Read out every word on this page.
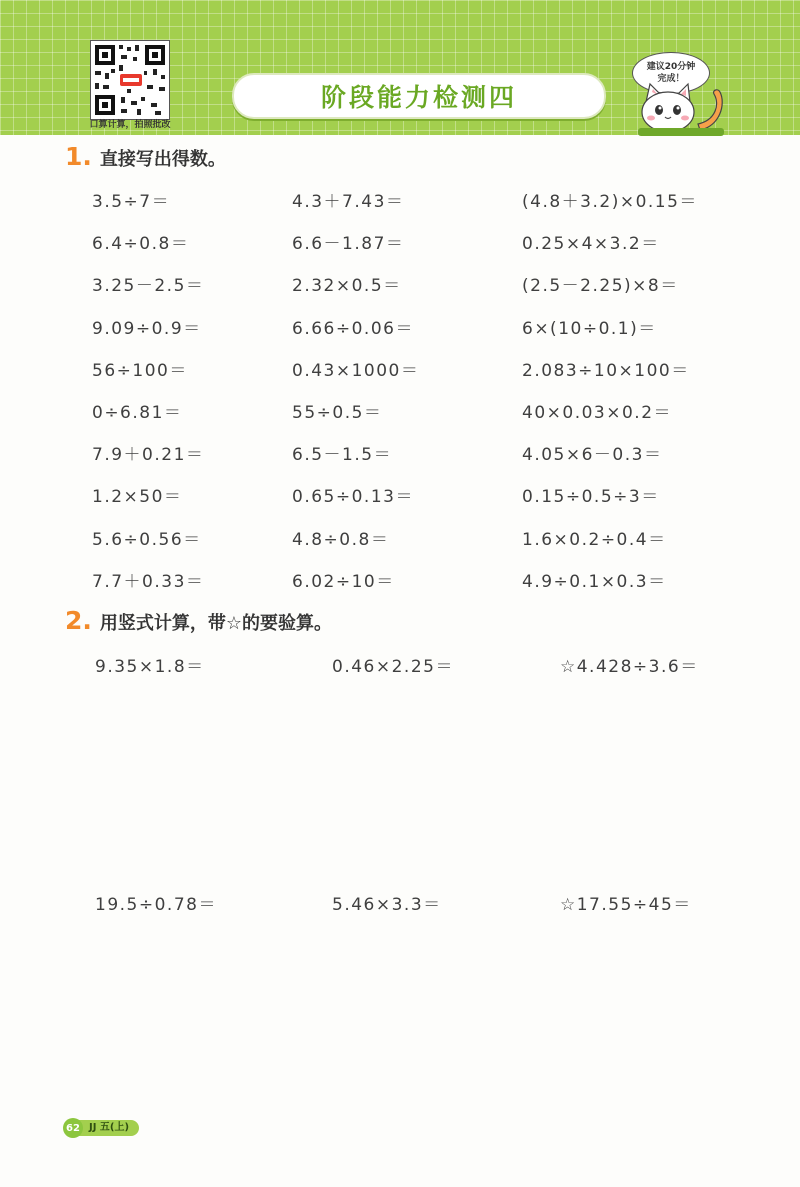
口算计算，拍照批改
阶段能力检测四
建议20分钟
完成！
1. 直接写出得数。
3.5÷7＝	4.3＋7.43＝	(4.8＋3.2)×0.15＝
6.4÷0.8＝	6.6－1.87＝	0.25×4×3.2＝
3.25－2.5＝	2.32×0.5＝	(2.5－2.25)×8＝
9.09÷0.9＝	6.66÷0.06＝	6×(10÷0.1)＝
56÷100＝	0.43×1000＝	2.083÷10×100＝
0÷6.81＝	55÷0.5＝	40×0.03×0.2＝
7.9＋0.21＝	6.5－1.5＝	4.05×6－0.3＝
1.2×50＝	0.65÷0.13＝	0.15÷0.5÷3＝
5.6÷0.56＝	4.8÷0.8＝	1.6×0.2÷0.4＝
7.7＋0.33＝	6.02÷10＝	4.9÷0.1×0.3＝
2. 用竖式计算，带☆的要验算。
9.35×1.8＝	0.46×2.25＝	☆4.428÷3.6＝
19.5÷0.78＝	5.46×3.3＝	☆17.55÷45＝
62 JJ 五(上)
